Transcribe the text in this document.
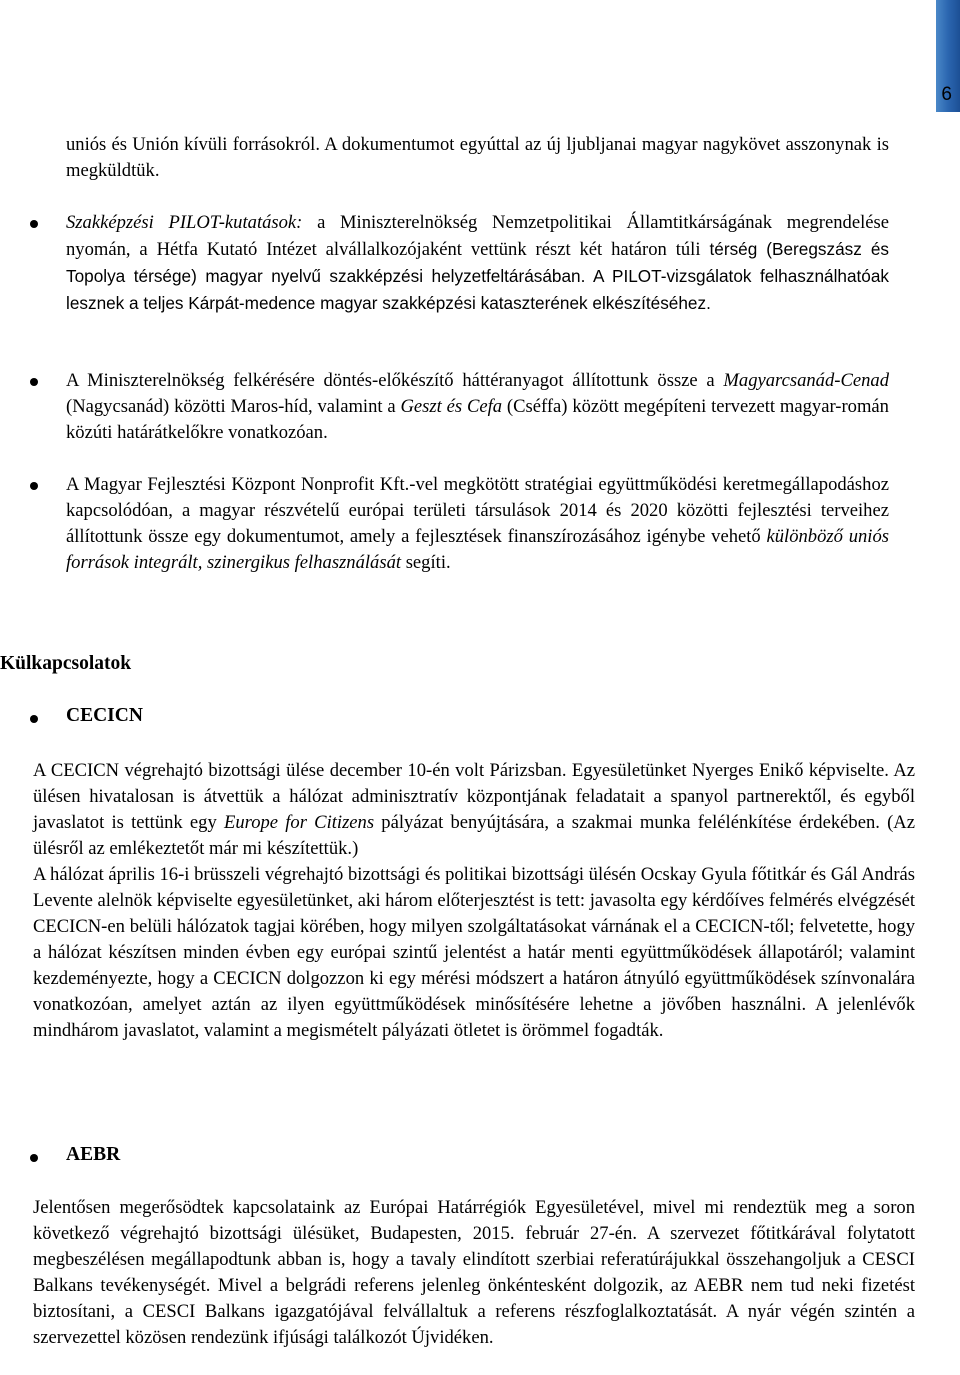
6

uniós és Unión kívüli forrásokról. A dokumentumot egyúttal az új ljubljanai magyar nagykövet asszonynak is megküldtük.

Szakképzési PILOT-kutatások: a Miniszterelnökség Nemzetpolitikai Államtitkárságának megrendelése nyomán, a Hétfa Kutató Intézet alvállalkozójaként vettünk részt két határon túli térség (Beregszász és Topolya térsége) magyar nyelvű szakképzési helyzetfeltárásában. A PILOT-vizsgálatok felhasználhatóak lesznek a teljes Kárpát-medence magyar szakképzési kataszterének elkészítéséhez.

A Miniszterelnökség felkérésére döntés-előkészítő háttéranyagot állítottunk össze a Magyarcsanád-Cenad (Nagycsanád) közötti Maros-híd, valamint a Geszt és Cefa (Cséffa) között megépíteni tervezett magyar-román közúti határátkelőkre vonatkozóan.

A Magyar Fejlesztési Központ Nonprofit Kft.-vel megkötött stratégiai együttműködési keretmegállapodáshoz kapcsolódóan, a magyar részvételű európai területi társulások 2014 és 2020 közötti fejlesztési terveihez állítottunk össze egy dokumentumot, amely a fejlesztések finanszírozásához igénybe vehető különböző uniós források integrált, szinergikus felhasználását segíti.

Külkapcsolatok
CECICN

A CECICN végrehajtó bizottsági ülése december 10-én volt Párizsban. Egyesületünket Nyerges Enikő képviselte. Az ülésen hivatalosan is átvettük a hálózat adminisztratív központjának feladatait a spanyol partnerektől, és egyből javaslatot is tettünk egy Europe for Citizens pályázat benyújtására, a szakmai munka felélénkítése érdekében. (Az ülésről az emlékeztetőt már mi készítettük.)

A hálózat április 16-i brüsszeli végrehajtó bizottsági és politikai bizottsági ülésén Ocskay Gyula főtitkár és Gál András Levente alelnök képviselte egyesületünket, aki három előterjesztést is tett: javasolta egy kérdőíves felmérés elvégzését CECICN-en belüli hálózatok tagjai körében, hogy milyen szolgáltatásokat várnának el a CECICN-től; felvetette, hogy a hálózat készítsen minden évben egy európai szintű jelentést a határ menti együttműködések állapotáról; valamint kezdeményezte, hogy a CECICN dolgozzon ki egy mérési módszert a határon átnyúló együttműködések színvonalára vonatkozóan, amelyet aztán az ilyen együttműködések minősítésére lehetne a jövőben használni. A jelenlévők mindhárom javaslatot, valamint a megismételt pályázati ötletet is örömmel fogadták.

AEBR

Jelentősen megerősödtek kapcsolataink az Európai Határrégiók Egyesületével, mivel mi rendeztük meg a soron következő végrehajtó bizottsági ülésüket, Budapesten, 2015. február 27-én. A szervezet főtitkárával folytatott megbeszélésen megállapodtunk abban is, hogy a tavaly elindított szerbiai referatúrájukkal összehangoljuk a CESCI Balkans tevékenységét. Mivel a belgrádi referens jelenleg önkéntesként dolgozik, az AEBR nem tud neki fizetést biztosítani, a CESCI Balkans igazgatójával felvállaltuk a referens részfoglalkoztatását. A nyár végén szintén a szervezettel közösen rendezünk ifjúsági találkozót Újvidéken.
